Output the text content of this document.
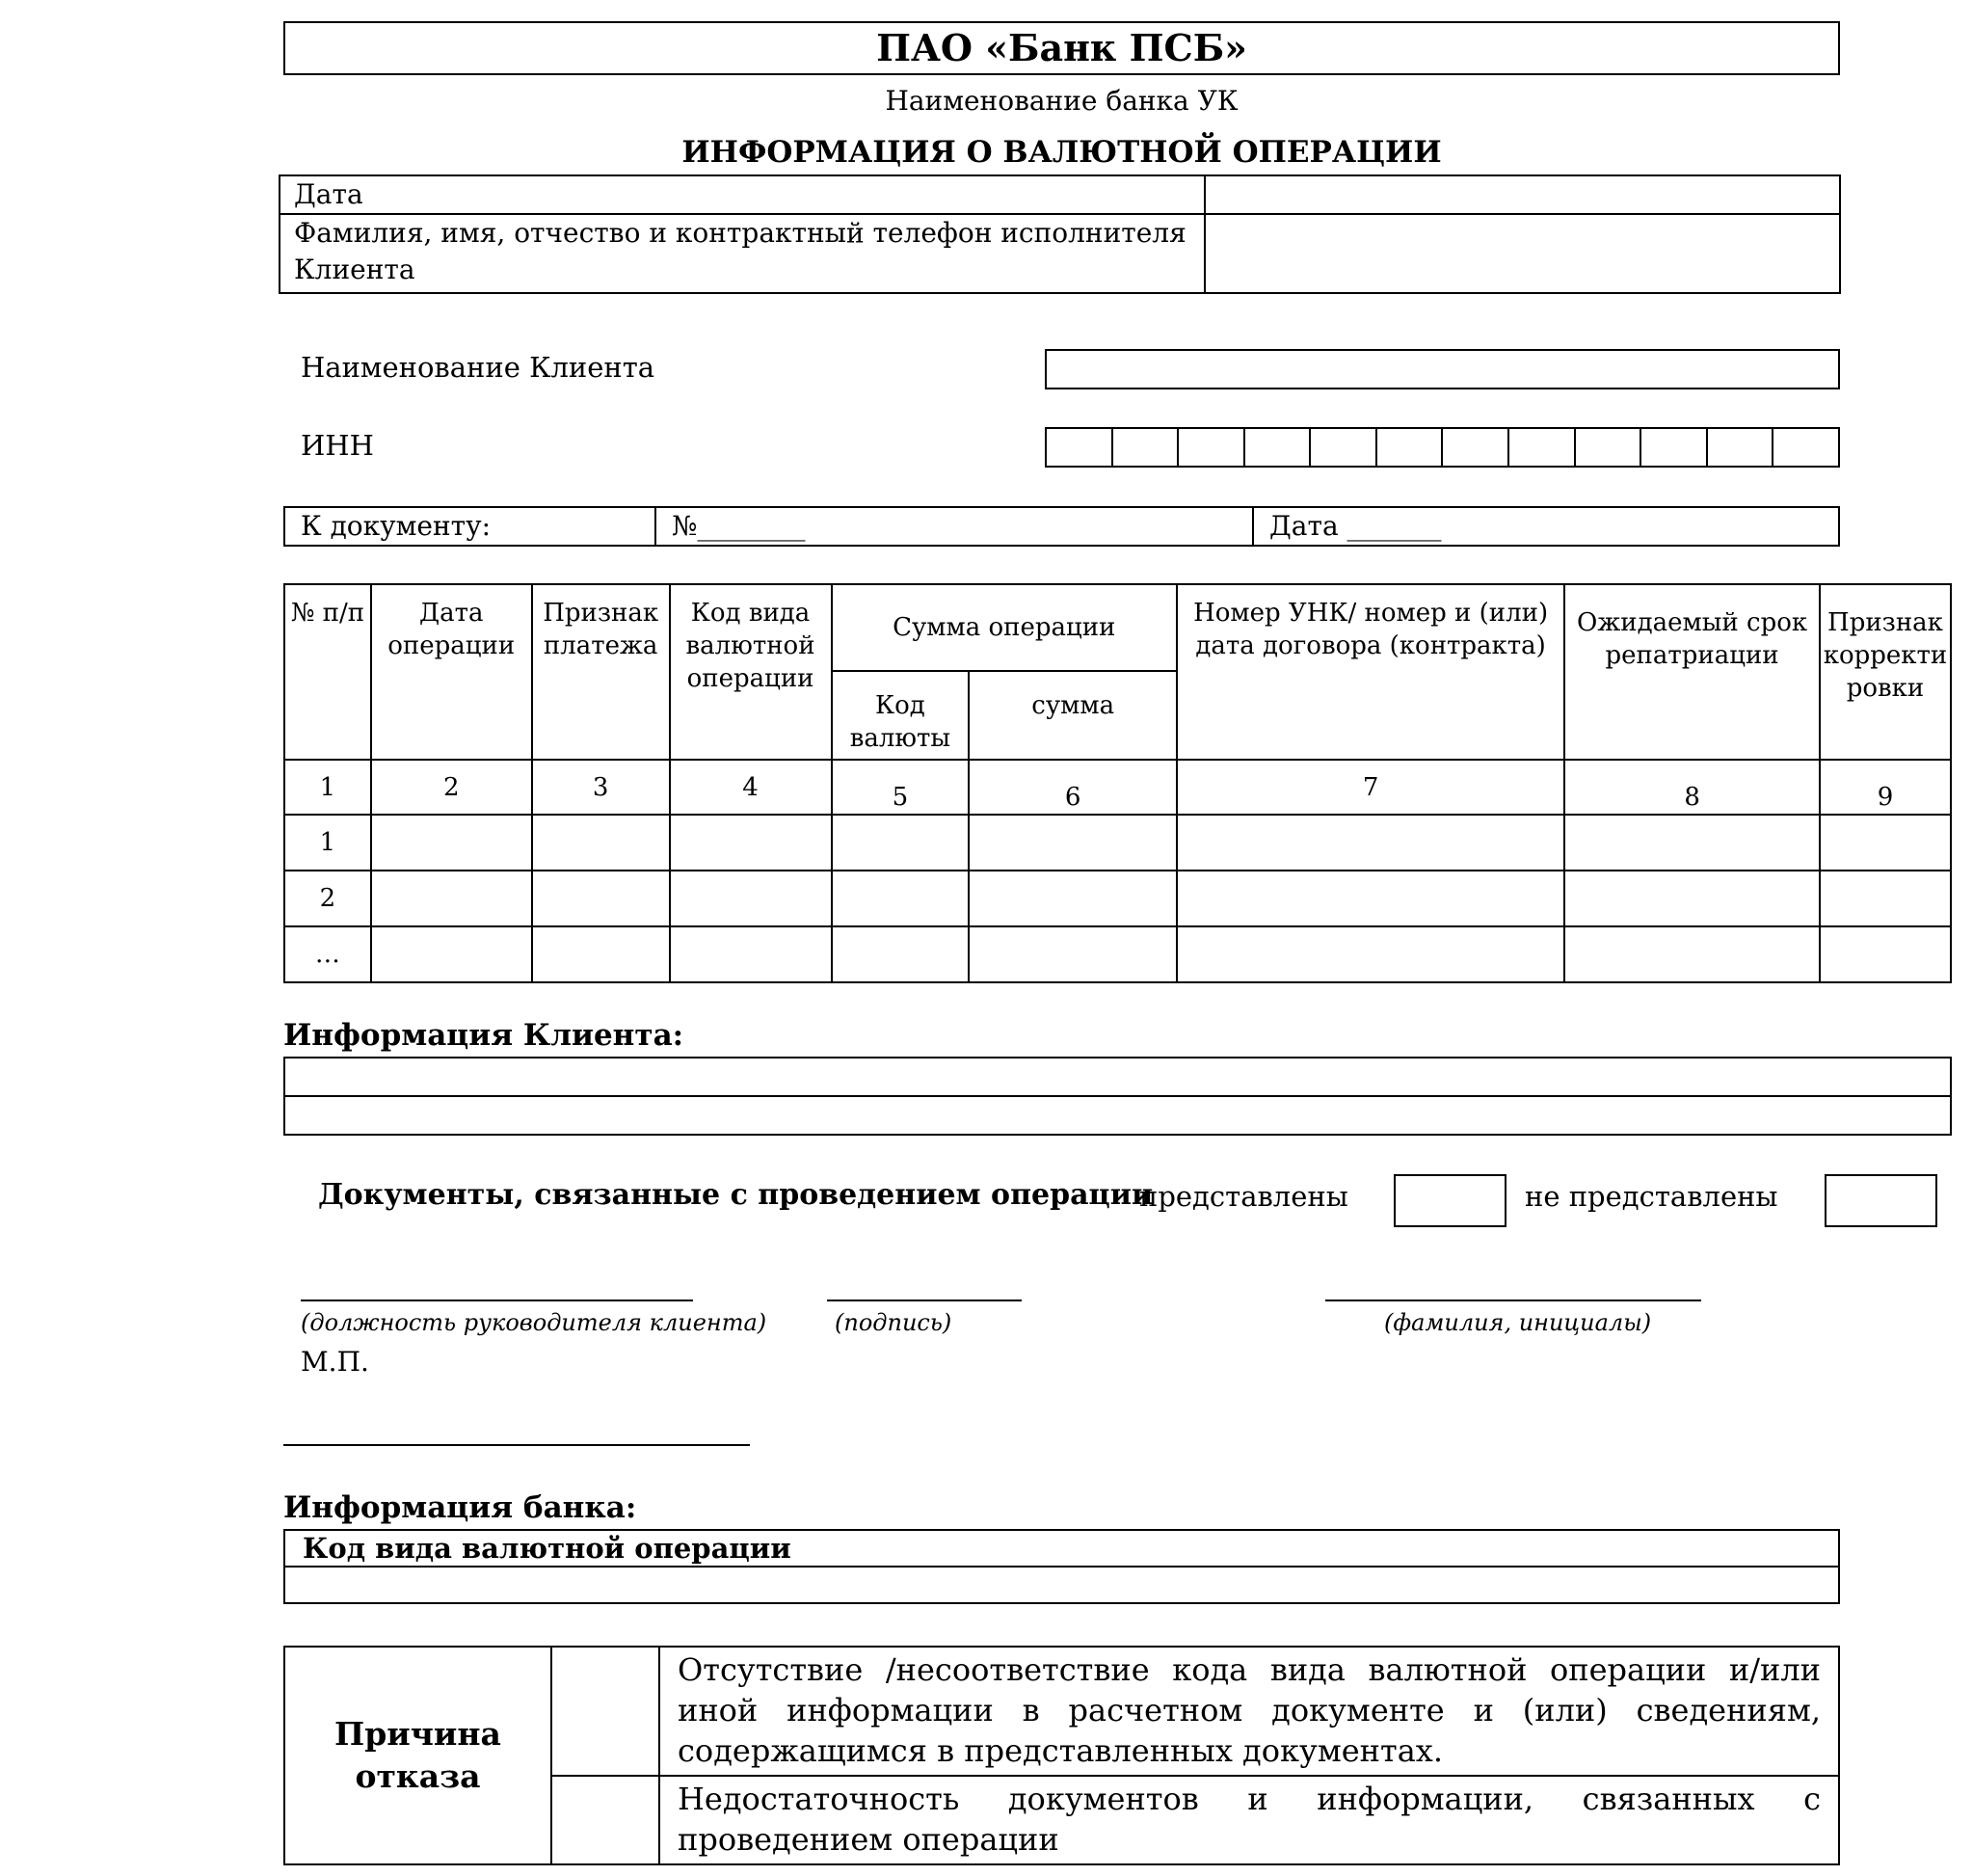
ПАО «Банк ПСБ»
Наименование банка УК
ИНФОРМАЦИЯ О ВАЛЮТНОЙ ОПЕРАЦИИ
Дата	
Фамилия, имя, отчество и контрактный телефон исполнителя Клиента	
Наименование Клиента
ИНН

К документу:	№________	Дата _______
№ п/п	Дата операции	Признак платежа	Код вида валютной операции	Сумма операции		Номер УНК/ номер и (или) дата договора (контракта)	Ожидаемый срок репатриации	Признак корректи ровки
				Код валюты	сумма			
1	2	3	4	5	6	7	8	9
1								
2								
…								
Информация Клиента:

Документы, связанные с проведением операции
представлены	не представлены
(должность руководителя клиента)	(подпись)	(фамилия, инициалы)
М.П.
Информация банка:
Код вида валютной операции

Причина отказа		Отсутствие /несоответствие кода вида валютной операции и/или иной информации в расчетном документе и (или) сведениям, содержащимся в представленных документах.
		Недостаточность документов и информации, связанных с проведением операции
